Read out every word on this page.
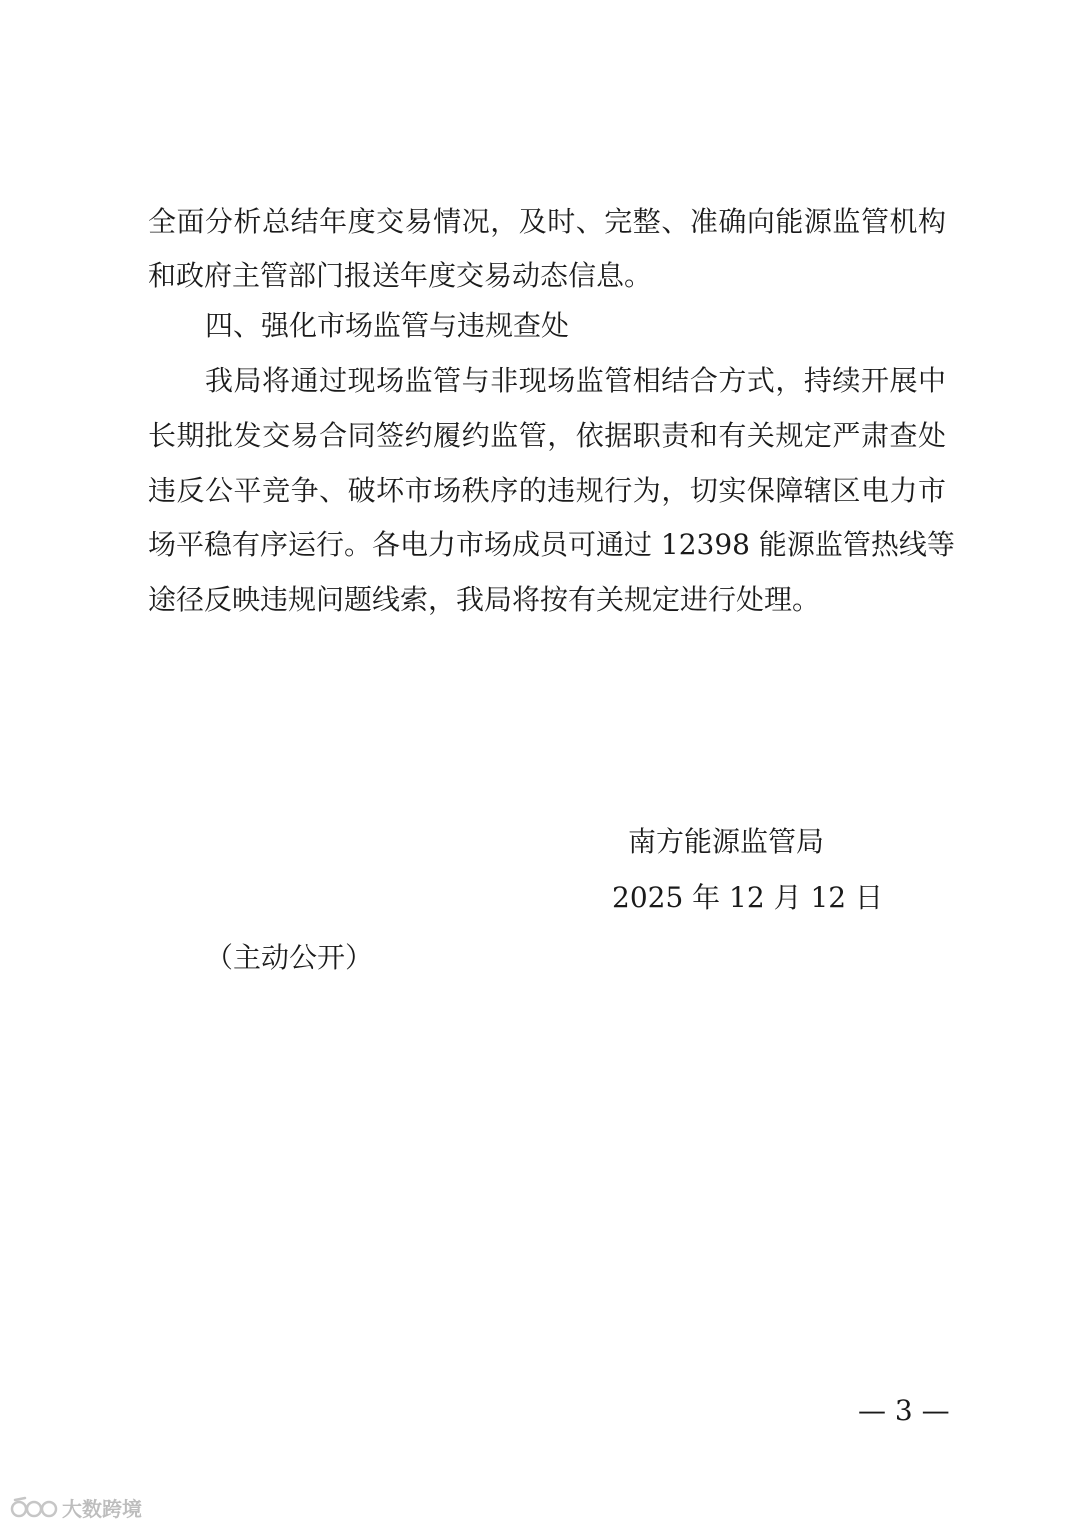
全面分析总结年度交易情况，及时、完整、准确向能源监管机构
和政府主管部门报送年度交易动态信息。
四、强化市场监管与违规查处
我局将通过现场监管与非现场监管相结合方式，持续开展中
长期批发交易合同签约履约监管，依据职责和有关规定严肃查处
违反公平竞争、破坏市场秩序的违规行为，切实保障辖区电力市
场平稳有序运行。各电力市场成员可通过 12398 能源监管热线等
途径反映违规问题线索，我局将按有关规定进行处理。
南方能源监管局
2025 年 12 月 12 日
（主动公开）
— 3 —
大数跨境
